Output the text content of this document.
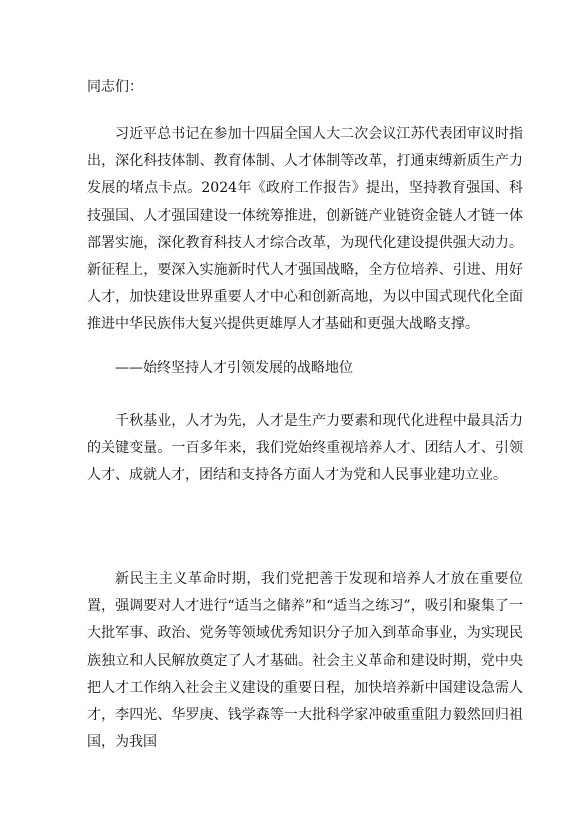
同志们：

习近平总书记在参加十四届全国人大二次会议江苏代表团审议时指出，深化科技体制、教育体制、人才体制等改革，打通束缚新质生产力发展的堵点卡点。2024年《政府工作报告》提出，坚持教育强国、科技强国、人才强国建设一体统筹推进，创新链产业链资金链人才链一体部署实施，深化教育科技人才综合改革，为现代化建设提供强大动力。新征程上，要深入实施新时代人才强国战略，全方位培养、引进、用好人才，加快建设世界重要人才中心和创新高地，为以中国式现代化全面推进中华民族伟大复兴提供更雄厚人才基础和更强大战略支撑。

——始终坚持人才引领发展的战略地位

千秋基业，人才为先，人才是生产力要素和现代化进程中最具活力的关键变量。一百多年来，我们党始终重视培养人才、团结人才、引领人才、成就人才，团结和支持各方面人才为党和人民事业建功立业。

新民主主义革命时期，我们党把善于发现和培养人才放在重要位置，强调要对人才进行“适当之储养”和“适当之练习”，吸引和聚集了一大批军事、政治、党务等领域优秀知识分子加入到革命事业，为实现民族独立和人民解放奠定了人才基础。社会主义革命和建设时期，党中央把人才工作纳入社会主义建设的重要日程，加快培养新中国建设急需人才，李四光、华罗庚、钱学森等一大批科学家冲破重重阻力毅然回归祖国，为我国
